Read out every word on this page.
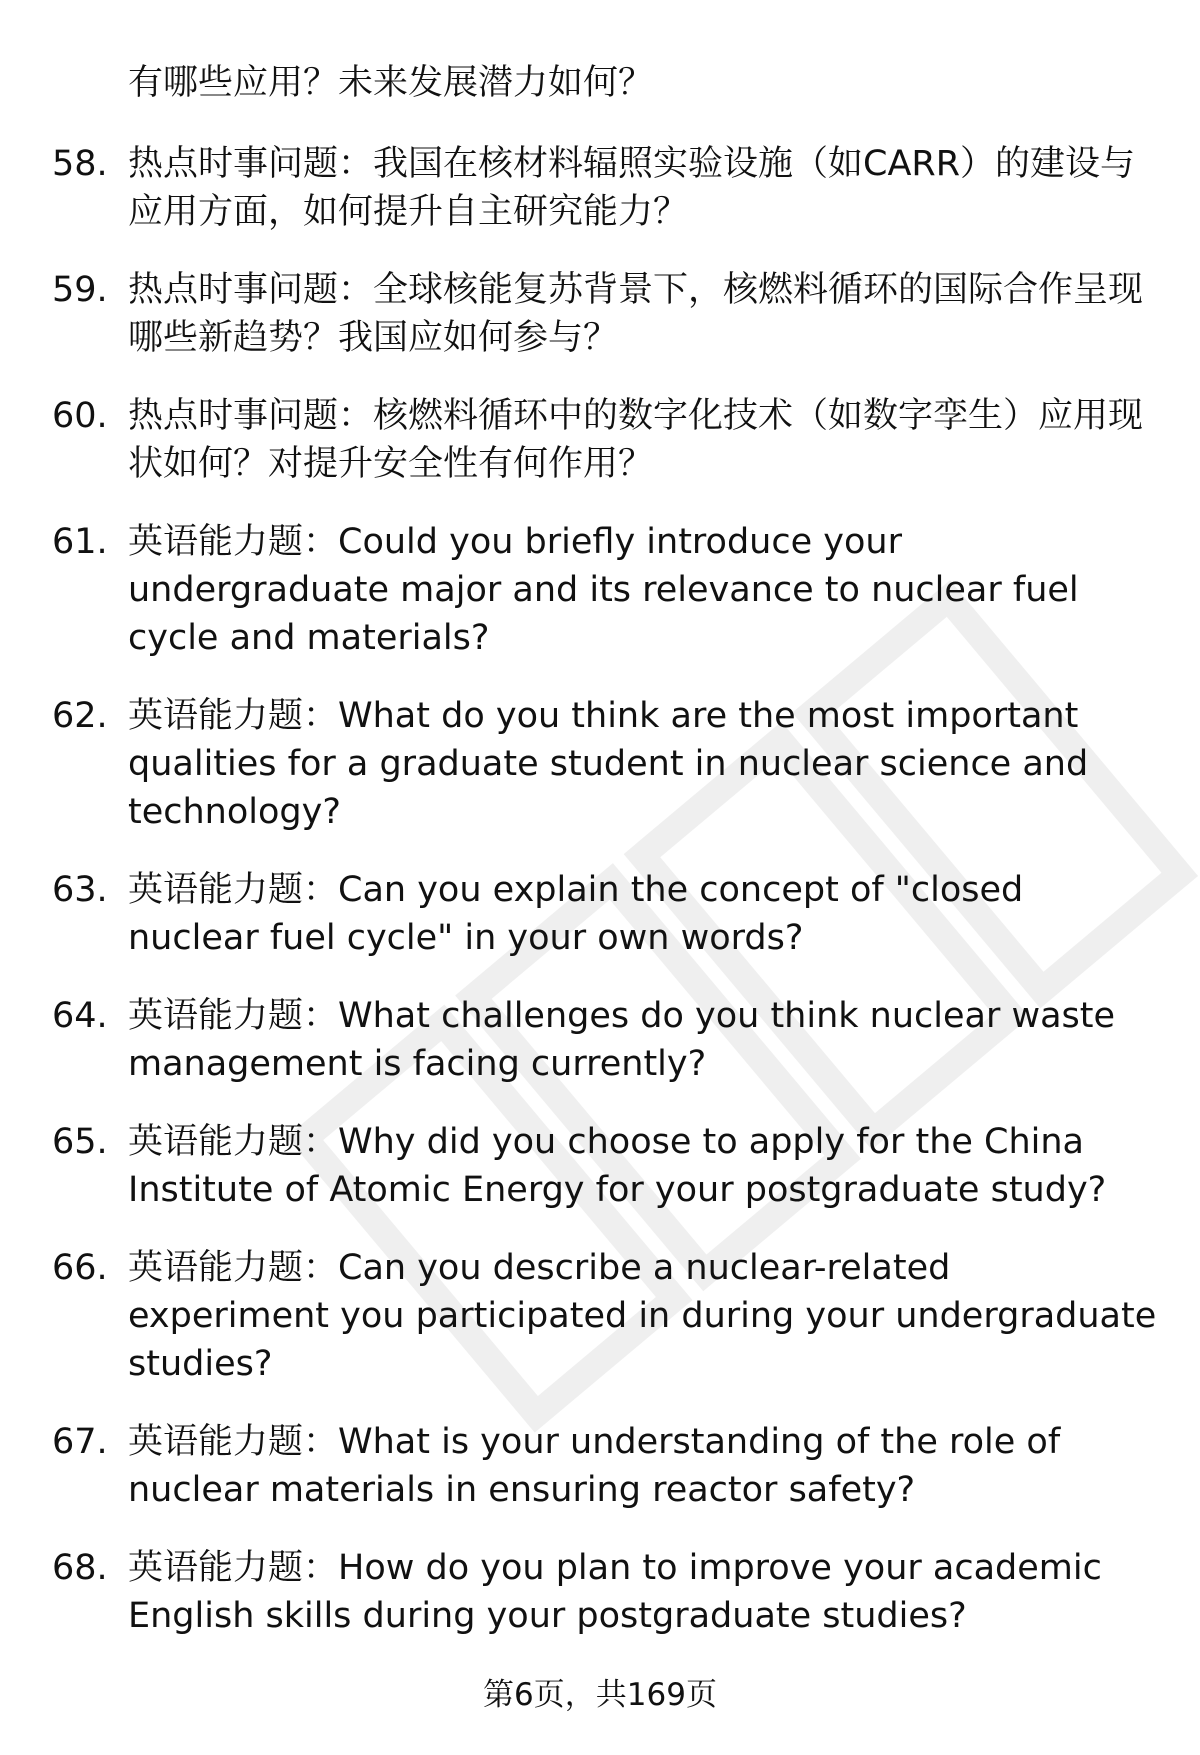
有哪些应用？未来发展潜力如何？
58. 热点时事问题：我国在核材料辐照实验设施（如CARR）的建设与应用方面，如何提升自主研究能力？
59. 热点时事问题：全球核能复苏背景下，核燃料循环的国际合作呈现哪些新趋势？我国应如何参与？
60. 热点时事问题：核燃料循环中的数字化技术（如数字孪生）应用现状如何？对提升安全性有何作用？
61. 英语能力题：Could you briefly introduce your undergraduate major and its relevance to nuclear fuel cycle and materials?
62. 英语能力题：What do you think are the most important qualities for a graduate student in nuclear science and technology?
63. 英语能力题：Can you explain the concept of "closed nuclear fuel cycle" in your own words?
64. 英语能力题：What challenges do you think nuclear waste management is facing currently?
65. 英语能力题：Why did you choose to apply for the China Institute of Atomic Energy for your postgraduate study?
66. 英语能力题：Can you describe a nuclear-related experiment you participated in during your undergraduate studies?
67. 英语能力题：What is your understanding of the role of nuclear materials in ensuring reactor safety?
68. 英语能力题：How do you plan to improve your academic English skills during your postgraduate studies?
第6页，共169页
